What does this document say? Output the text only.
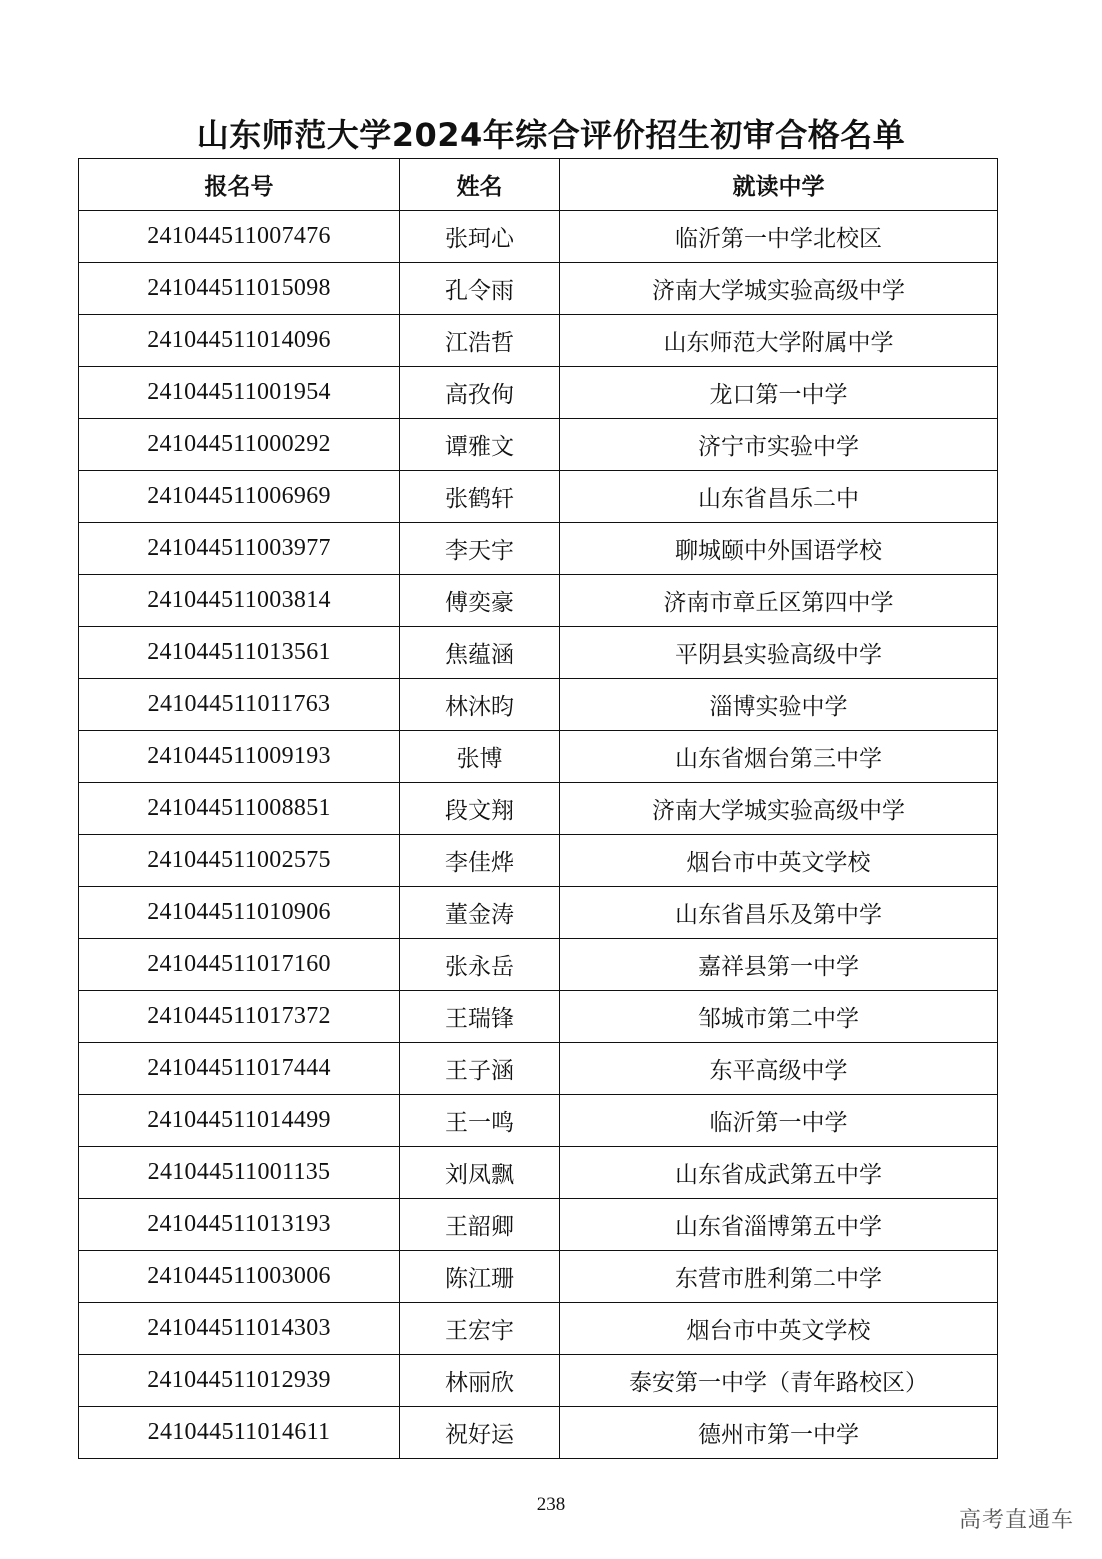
山东师范大学2024年综合评价招生初审合格名单
报名号	姓名	就读中学
241044511007476	张珂心	临沂第一中学北校区
241044511015098	孔令雨	济南大学城实验高级中学
241044511014096	江浩哲	山东师范大学附属中学
241044511001954	高孜佝	龙口第一中学
241044511000292	谭雅文	济宁市实验中学
241044511006969	张鹤轩	山东省昌乐二中
241044511003977	李天宇	聊城颐中外国语学校
241044511003814	傅奕豪	济南市章丘区第四中学
241044511013561	焦蕴涵	平阴县实验高级中学
241044511011763	林沐昀	淄博实验中学
241044511009193	张博	山东省烟台第三中学
241044511008851	段文翔	济南大学城实验高级中学
241044511002575	李佳烨	烟台市中英文学校
241044511010906	董金涛	山东省昌乐及第中学
241044511017160	张永岳	嘉祥县第一中学
241044511017372	王瑞锋	邹城市第二中学
241044511017444	王子涵	东平高级中学
241044511014499	王一鸣	临沂第一中学
241044511001135	刘凤飘	山东省成武第五中学
241044511013193	王韶卿	山东省淄博第五中学
241044511003006	陈江珊	东营市胜利第二中学
241044511014303	王宏宇	烟台市中英文学校
241044511012939	林丽欣	泰安第一中学（青年路校区）
241044511014611	祝好运	德州市第一中学
238
高考直通车
